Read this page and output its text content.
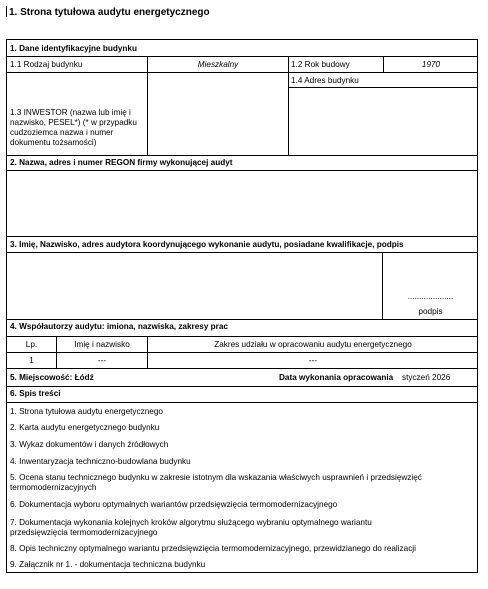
1. Strona tytułowa audytu energetycznego
1. Dane identyfikacyjne budynku
1.1 Rodzaj budynku	Mieszkalny	1.2 Rok budowy	1970
1.4 Adres budynku
1.3 INWESTOR (nazwa lub imię i nazwisko, PESEL*) (* w przypadku cudzoziemca nazwa i numer dokumentu tożsamości)
2. Nazwa, adres i numer REGON firmy wykonującej audyt
3. Imię, Nazwisko, adres audytora koordynującego wykonanie audytu, posiadane kwalifikacje, podpis
....................
podpis
4. Współautorzy audytu: imiona, nazwiska, zakresy prac
Lp.	Imię i nazwisko	Zakres udziału w opracowaniu audytu energetycznego
1	---	---
5. Miejscowość: Łódź	Data wykonania opracowania styczeń 2026
6. Spis treści
1. Strona tytułowa audytu energetycznego
2. Karta audytu energetycznego budynku
3. Wykaz dokumentów i danych źródłowych
4. Inwentaryzacja techniczno-budowlana budynku
5. Ocena stanu technicznego budynku w zakresie istotnym dla wskazania właściwych usprawnień i przedsięwzięć termomodernizacyjnych
6. Dokumentacja wyboru optymalnych wariantów przedsięwzięcia termomodernizacyjnego
7. Dokumentacja wykonania kolejnych kroków algorytmu służącego wybraniu optymalnego wariantu przedsięwzięcia termomodernizacyjnego
8. Opis techniczny optymalnego wariantu przedsięwzięcia termomodernizacyjnego, przewidzianego do realizacji
9. Załącznik nr 1. - dokumentacja techniczna budynku
